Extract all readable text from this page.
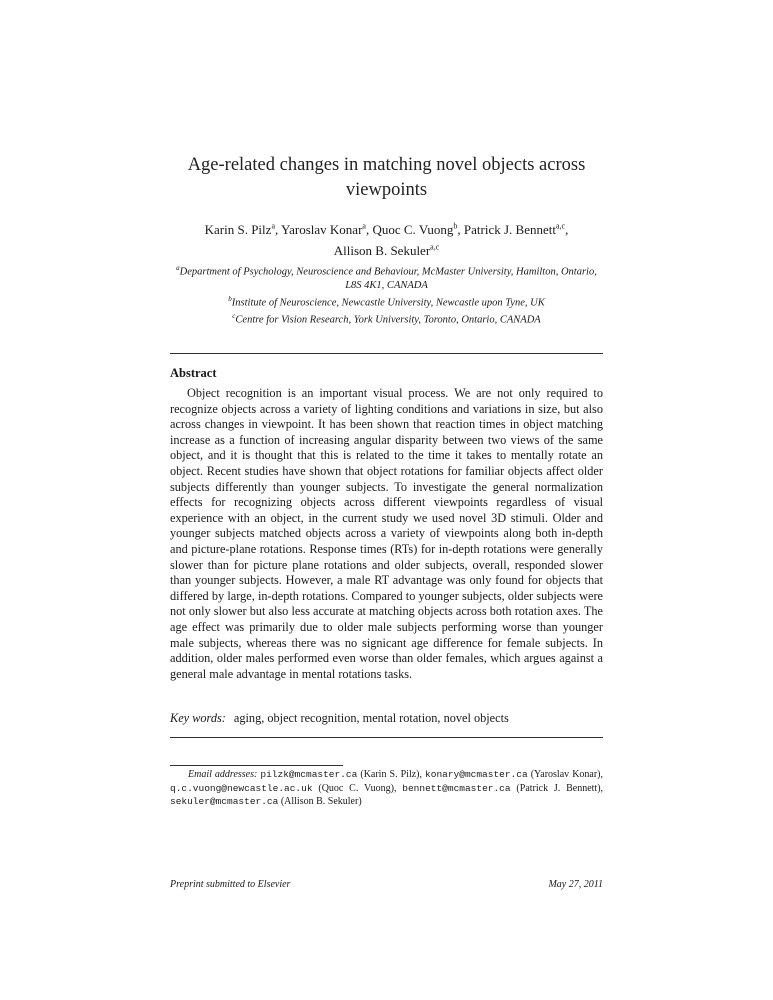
Age-related changes in matching novel objects across viewpoints
Karin S. Pilz$^a$, Yaroslav Konar$^a$, Quoc C. Vuong$^b$, Patrick J. Bennett$^{a,c}$,
Allison B. Sekuler$^{a,c}$
$^a$Department of Psychology, Neuroscience and Behaviour, McMaster University, Hamilton, Ontario, L8S 4K1, CANADA
$^b$Institute of Neuroscience, Newcastle University, Newcastle upon Tyne, UK
$^c$Centre for Vision Research, York University, Toronto, Ontario, CANADA
Abstract
Object recognition is an important visual process. We are not only required to recognize objects across a variety of lighting conditions and variations in size, but also across changes in viewpoint. It has been shown that reaction times in object matching increase as a function of increasing angular disparity between two views of the same object, and it is thought that this is related to the time it takes to mentally rotate an object. Recent studies have shown that object rotations for familiar objects affect older subjects differently than younger subjects. To investigate the general normalization effects for recognizing objects across different viewpoints regardless of visual experience with an object, in the current study we used novel 3D stimuli. Older and younger subjects matched objects across a variety of viewpoints along both in-depth and picture-plane rotations. Response times (RTs) for in-depth rotations were generally slower than for picture plane rotations and older subjects, overall, responded slower than younger subjects. However, a male RT advantage was only found for objects that differed by large, in-depth rotations. Compared to younger subjects, older subjects were not only slower but also less accurate at matching objects across both rotation axes. The age effect was primarily due to older male subjects performing worse than younger male subjects, whereas there was no signicant age difference for female subjects. In addition, older males performed even worse than older females, which argues against a general male advantage in mental rotations tasks.
Key words: aging, object recognition, mental rotation, novel objects
Email addresses: pilzk@mcmaster.ca (Karin S. Pilz), konary@mcmaster.ca (Yaroslav Konar), q.c.vuong@newcastle.ac.uk (Quoc C. Vuong), bennett@mcmaster.ca (Patrick J. Bennett), sekuler@mcmaster.ca (Allison B. Sekuler)
Preprint submitted to Elsevier	May 27, 2011
